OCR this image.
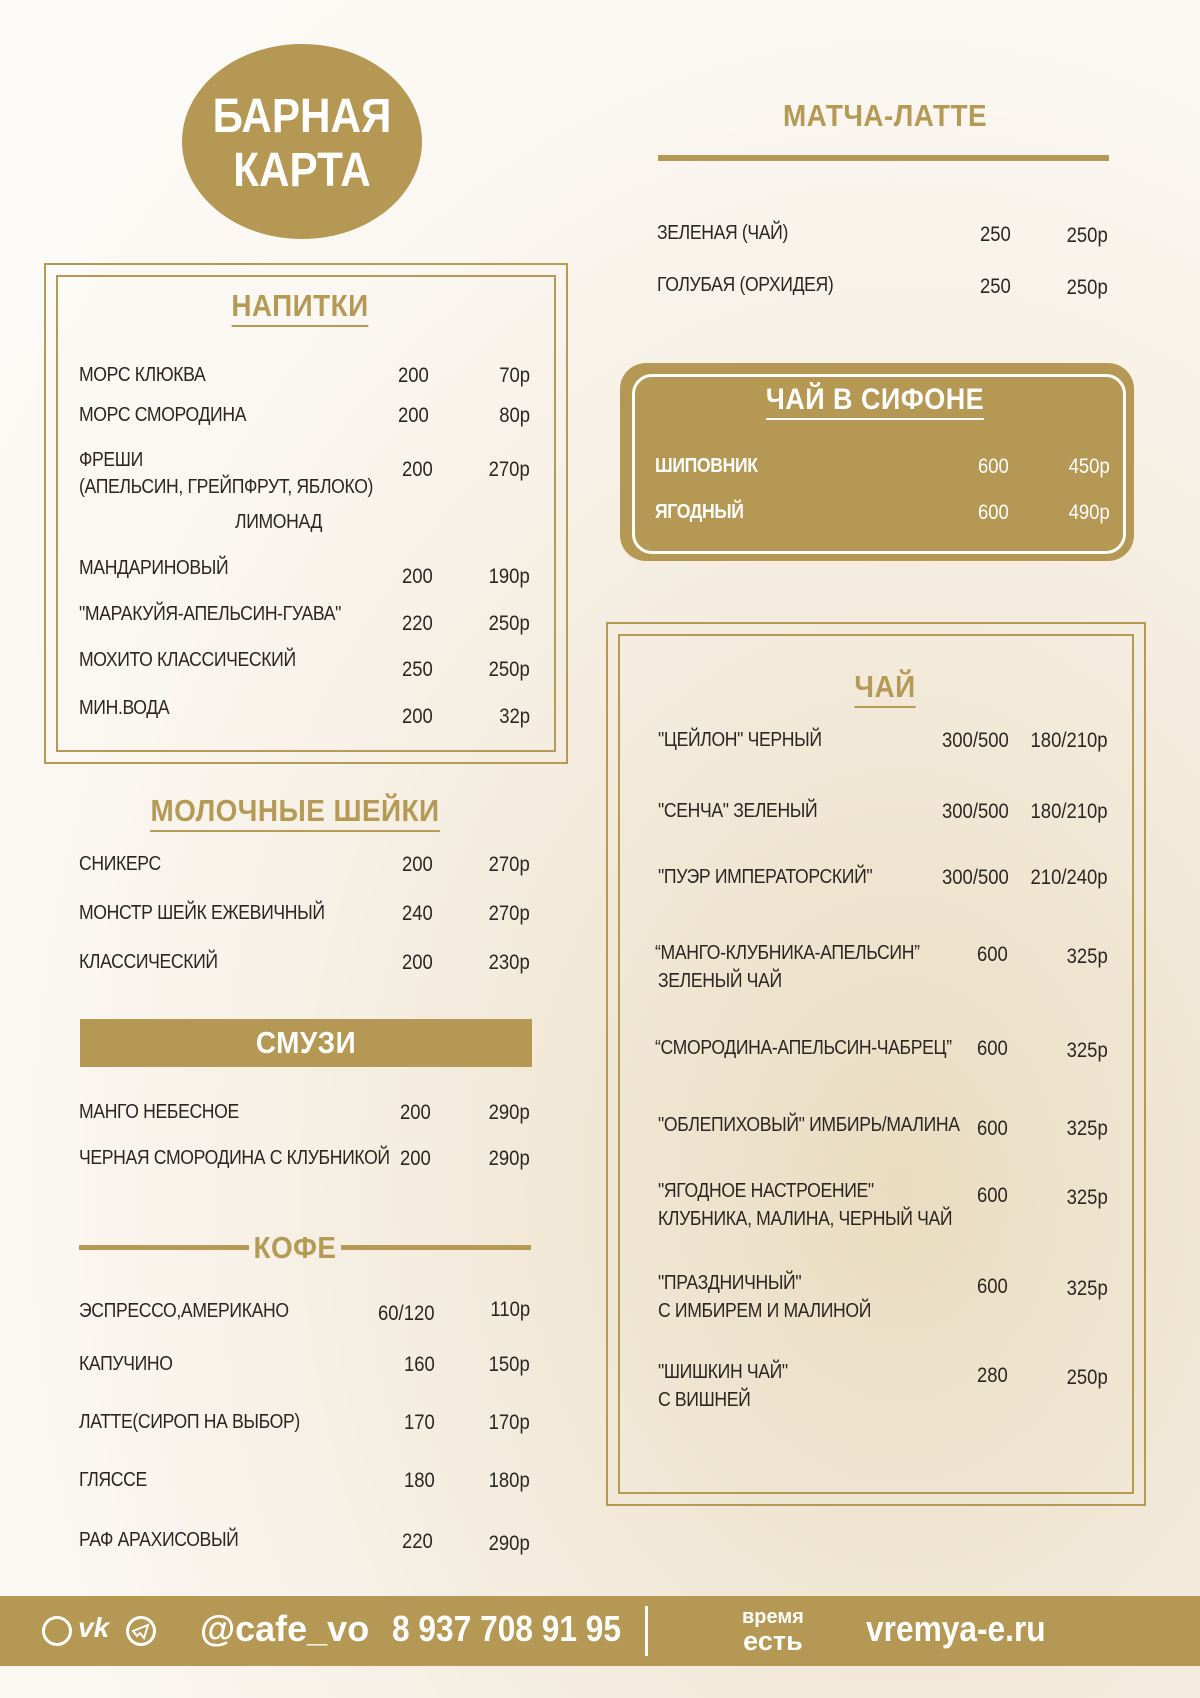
БАРНАЯ
КАРТА
НАПИТКИ
МОРС КЛЮКВА	200	70р
МОРС СМОРОДИНА	200	80р
ФРЕШИ
(АПЕЛЬСИН, ГРЕЙПФРУТ, ЯБЛОКО)
200	270р
ЛИМОНАД
МАНДАРИНОВЫЙ	200	190р
"МАРАКУЙЯ-АПЕЛЬСИН-ГУАВА"	220	250р
МОХИТО КЛАССИЧЕСКИЙ	250	250р
МИН.ВОДА	200	32р
МОЛОЧНЫЕ ШЕЙКИ
СНИКЕРС	200	270р
МОНСТР ШЕЙК ЕЖЕВИЧНЫЙ	240	270р
КЛАССИЧЕСКИЙ	200	230р
СМУЗИ
МАНГО НЕБЕСНОЕ	200	290р
ЧЕРНАЯ СМОРОДИНА С КЛУБНИКОЙ 200	290р
КОФЕ
ЭСПРЕССО,АМЕРИКАНО	60/120	110р
КАПУЧИНО	160	150р
ЛАТТЕ(СИРОП НА ВЫБОР)	170	170р
ГЛЯССЕ	180	180р
РАФ АРАХИСОВЫЙ	220	290р
МАТЧА-ЛАТТЕ
ЗЕЛЕНАЯ (ЧАЙ)	250	250р
ГОЛУБАЯ (ОРХИДЕЯ)	250	250р
ЧАЙ В СИФОНЕ
ШИПОВНИК	600	450р
ЯГОДНЫЙ	600	490р
ЧАЙ
"ЦЕЙЛОН" ЧЕРНЫЙ	300/500 180/210р
"СЕНЧА" ЗЕЛЕНЫЙ	300/500 180/210р
"ПУЭР ИМПЕРАТОРСКИЙ"	300/500 210/240р
“МАНГО-КЛУБНИКА-АПЕЛЬСИН”
ЗЕЛЕНЫЙ ЧАЙ
600	325р
“СМОРОДИНА-АПЕЛЬСИН-ЧАБРЕЦ” 600	325р
"ОБЛЕПИХОВЫЙ" ИМБИРЬ/МАЛИНА 600	325р
"ЯГОДНОЕ НАСТРОЕНИЕ"
КЛУБНИКА, МАЛИНА, ЧЕРНЫЙ ЧАЙ
600	325р
"ПРАЗДНИЧНЫЙ"
С ИМБИРЕМ И МАЛИНОЙ
600	325р
"ШИШКИН ЧАЙ"
С ВИШНЕЙ
280	250р
vk	@cafe_vo 8 937 708 91 95	время
есть vremya-e.ru
